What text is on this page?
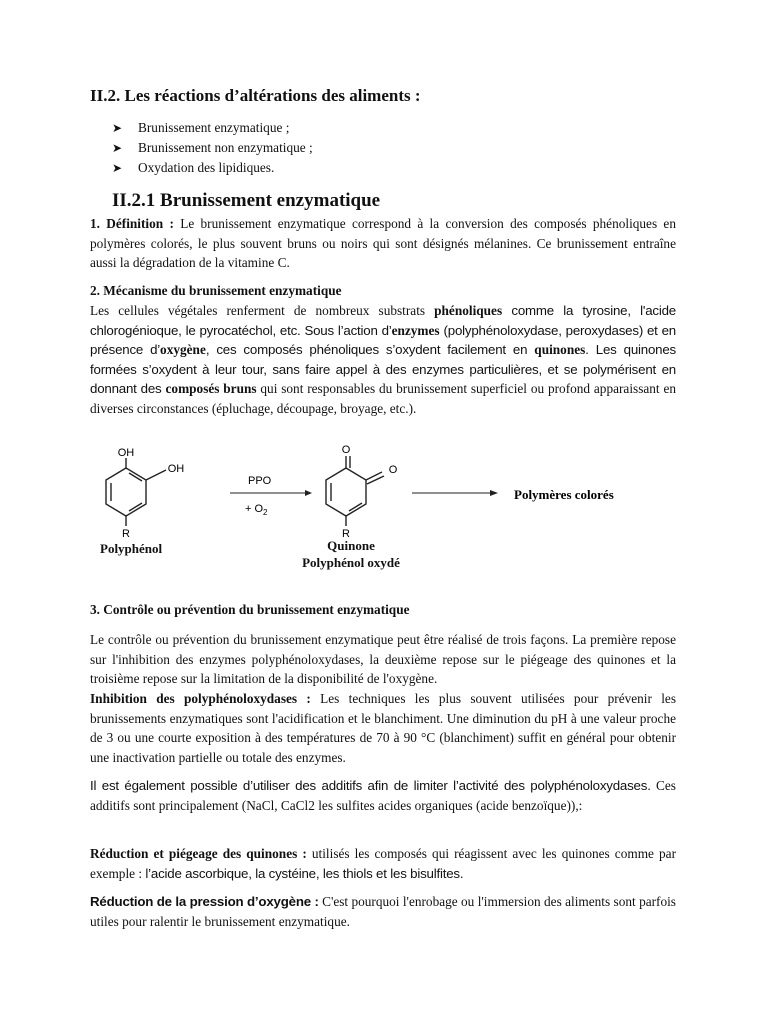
II.2. Les réactions d’altérations des aliments :
➤ Brunissement enzymatique ;
➤ Brunissement non enzymatique ;
➤ Oxydation des lipidiques.
II.2.1 Brunissement enzymatique

1. Définition : Le brunissement enzymatique correspond à la conversion des composés phénoliques en polymères colorés, le plus souvent bruns ou noirs qui sont désignés mélanines. Ce brunissement entraîne aussi la dégradation de la vitamine C.

2. Mécanisme du brunissement enzymatique

Les cellules végétales renferment de nombreux substrats phénoliques comme la tyrosine, l'acide chlorogénioque, le pyrocatéchol, etc. Sous l’action d’enzymes (polyphénoloxydase, peroxydases) et en présence d’oxygène, ces composés phénoliques s’oxydent facilement en quinones. Les quinones formées s’oxydent à leur tour, sans faire appel à des enzymes particulières, et se polymérisent en donnant des composés bruns qui sont responsables du brunissement superficiel ou profond apparaissant en diverses circonstances (épluchage, découpage, broyage, etc.).

OH
OH
R
O
O
R
PPO
+ $O_2$
Polymères colorés
Polyphénol	Quinone
Polyphénol oxydé

3. Contrôle ou prévention du brunissement enzymatique

Le contrôle ou prévention du brunissement enzymatique peut être réalisé de trois façons. La première repose sur l'inhibition des enzymes polyphénoloxydases, la deuxième repose sur le piégeage des quinones et la troisième repose sur la limitation de la disponibilité de l'oxygène.

Inhibition des polyphénoloxydases : Les techniques les plus souvent utilisées pour prévenir les brunissements enzymatiques sont l'acidification et le blanchiment. Une diminution du pH à une valeur proche de 3 ou une courte exposition à des températures de 70 à 90 °C (blanchiment) suffit en général pour obtenir une inactivation partielle ou totale des enzymes.

Il est également possible d’utiliser des additifs afin de limiter l’activité des polyphénoloxydases. Ces additifs sont principalement (NaCl, CaCl2 les sulfites acides organiques (acide benzoïque)),:

Réduction et piégeage des quinones : utilisés les composés qui réagissent avec les quinones comme par exemple : l’acide ascorbique, la cystéine, les thiols et les bisulfites.

Réduction de la pression d’oxygène : C'est pourquoi l'enrobage ou l'immersion des aliments sont parfois utiles pour ralentir le brunissement enzymatique.
